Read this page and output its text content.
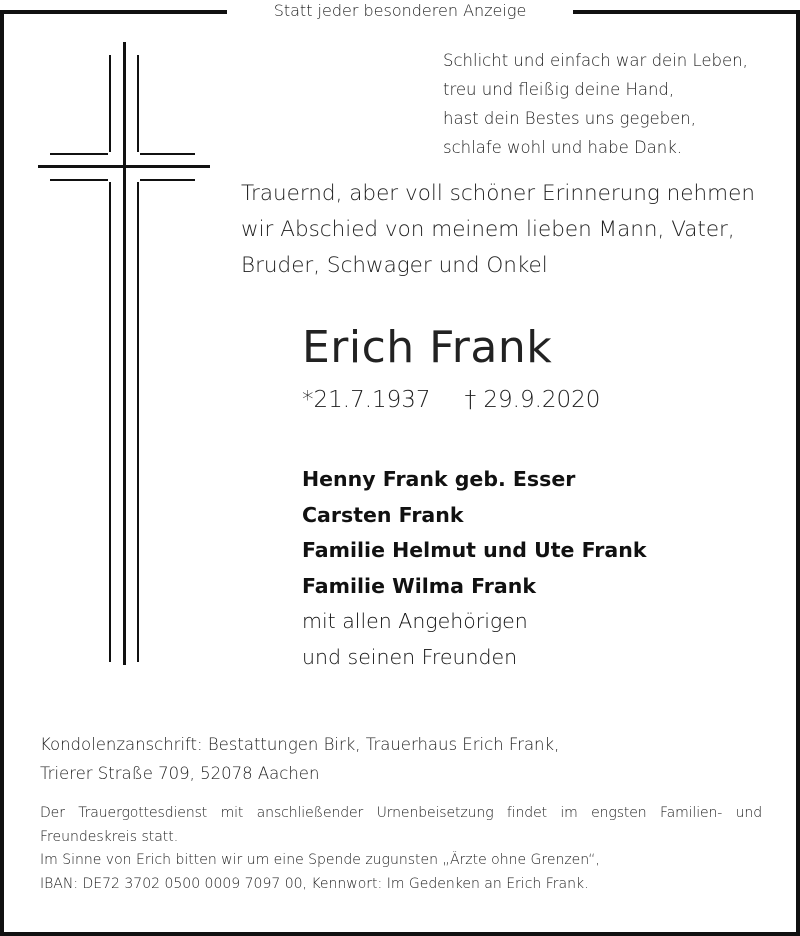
Statt jeder besonderen Anzeige
Schlicht und einfach war dein Leben,
treu und fleißig deine Hand,
hast dein Bestes uns gegeben,
schlafe wohl und habe Dank.
Trauernd, aber voll schöner Erinnerung nehmen
wir Abschied von meinem lieben Mann, Vater,
Bruder, Schwager und Onkel
Erich Frank
*21.7.1937 † 29.9.2020
Henny Frank geb. Esser
Carsten Frank
Familie Helmut und Ute Frank
Familie Wilma Frank
mit allen Angehörigen
und seinen Freunden
Kondolenzanschrift: Bestattungen Birk, Trauerhaus Erich Frank,
Trierer Straße 709, 52078 Aachen
Der Trauergottesdienst mit anschließender Urnenbeisetzung findet im engsten Familien- und
Freundeskreis statt.
Im Sinne von Erich bitten wir um eine Spende zugunsten „Ärzte ohne Grenzen“,
IBAN: DE72 3702 0500 0009 7097 00, Kennwort: Im Gedenken an Erich Frank.
